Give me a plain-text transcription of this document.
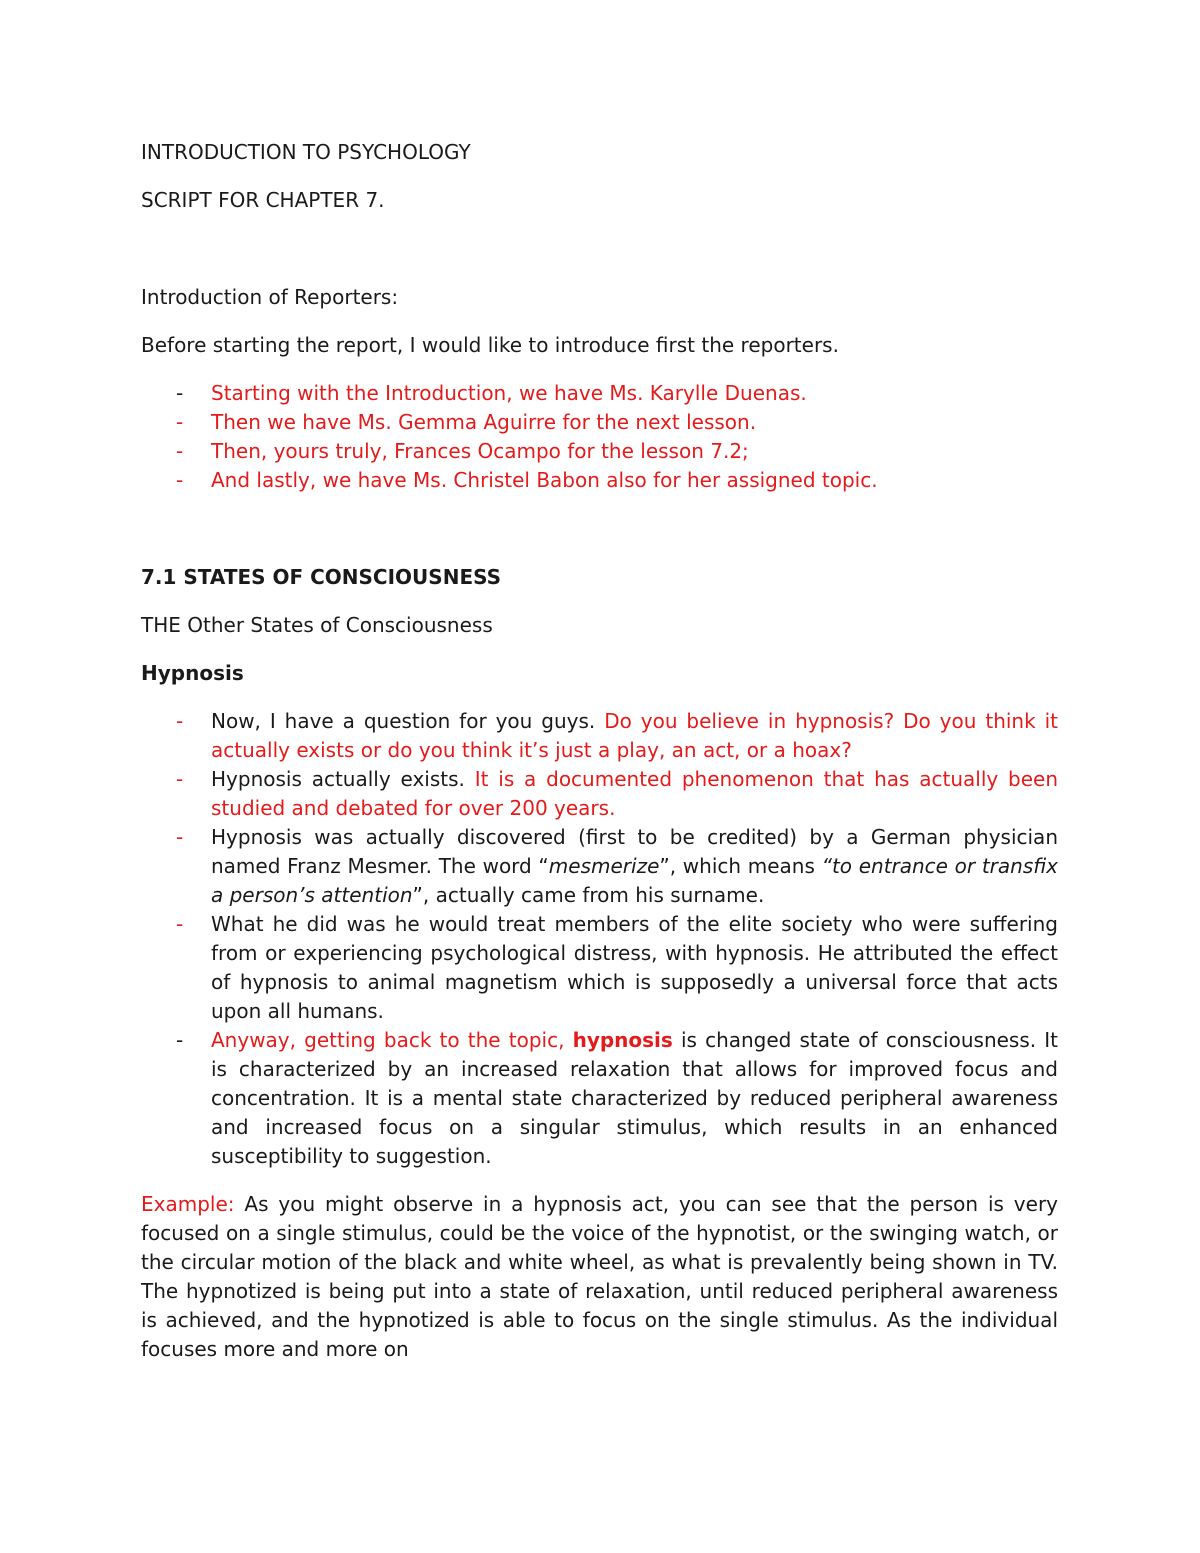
INTRODUCTION TO PSYCHOLOGY

SCRIPT FOR CHAPTER 7.

Introduction of Reporters:

Before starting the report, I would like to introduce first the reporters.

- Starting with the Introduction, we have Ms. Karylle Duenas.
- Then we have Ms. Gemma Aguirre for the next lesson.
- Then, yours truly, Frances Ocampo for the lesson 7.2;
- And lastly, we have Ms. Christel Babon also for her assigned topic.

7.1 STATES OF CONSCIOUSNESS

THE Other States of Consciousness

Hypnosis

- Now, I have a question for you guys. Do you believe in hypnosis? Do you think it actually exists or do you think it’s just a play, an act, or a hoax?
- Hypnosis actually exists. It is a documented phenomenon that has actually been studied and debated for over 200 years.
- Hypnosis was actually discovered (first to be credited) by a German physician named Franz Mesmer. The word “mesmerize”, which means “to entrance or transfix a person’s attention”, actually came from his surname.
- What he did was he would treat members of the elite society who were suffering from or experiencing psychological distress, with hypnosis. He attributed the effect of hypnosis to animal magnetism which is supposedly a universal force that acts upon all humans.
- Anyway, getting back to the topic, hypnosis is changed state of consciousness. It is characterized by an increased relaxation that allows for improved focus and concentration. It is a mental state characterized by reduced peripheral awareness and increased focus on a singular stimulus, which results in an enhanced susceptibility to suggestion.

Example: As you might observe in a hypnosis act, you can see that the person is very focused on a single stimulus, could be the voice of the hypnotist, or the swinging watch, or the circular motion of the black and white wheel, as what is prevalently being shown in TV. The hypnotized is being put into a state of relaxation, until reduced peripheral awareness is achieved, and the hypnotized is able to focus on the single stimulus. As the individual focuses more and more on
